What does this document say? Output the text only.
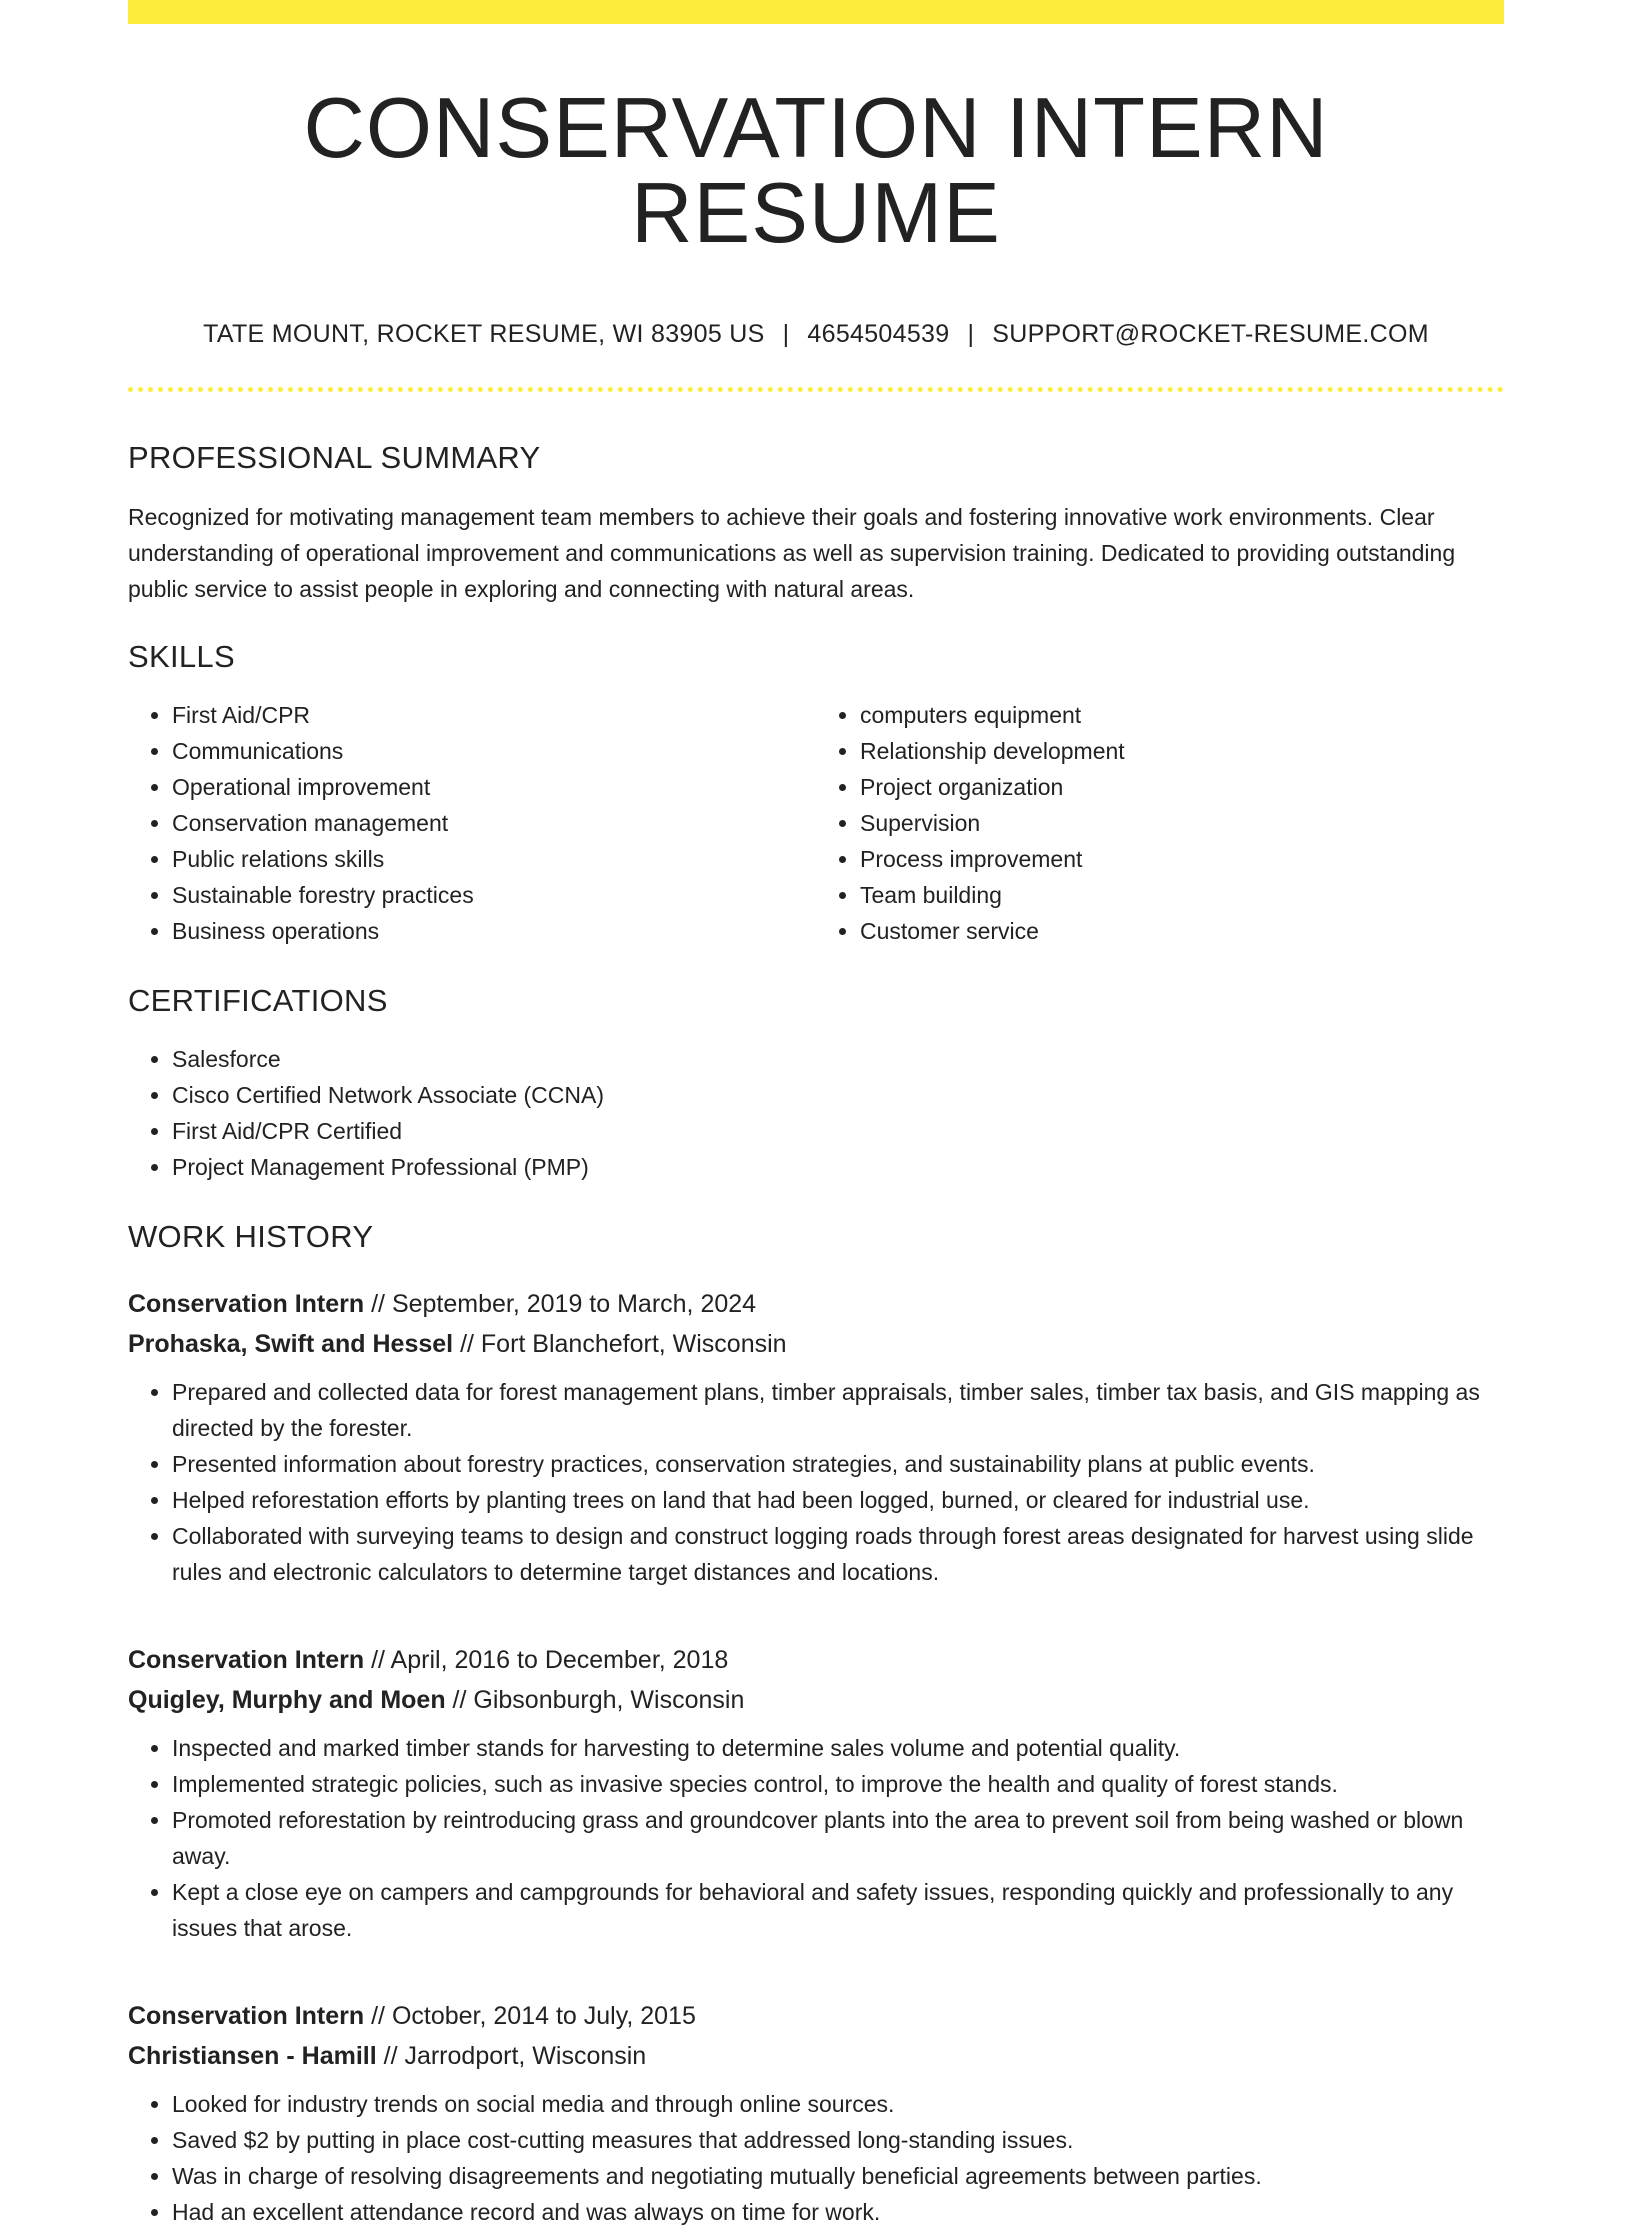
CONSERVATION INTERN RESUME
TATE MOUNT, ROCKET RESUME, WI 83905 US | 4654504539 | SUPPORT@ROCKET-RESUME.COM
PROFESSIONAL SUMMARY

Recognized for motivating management team members to achieve their goals and fostering innovative work environments. Clear understanding of operational improvement and communications as well as supervision training. Dedicated to providing outstanding public service to assist people in exploring and connecting with natural areas.

SKILLS
• First Aid/CPR
• Communications
• Operational improvement
• Conservation management
• Public relations skills
• Sustainable forestry practices
• Business operations
• computers equipment
• Relationship development
• Project organization
• Supervision
• Process improvement
• Team building
• Customer service
CERTIFICATIONS
• Salesforce
• Cisco Certified Network Associate (CCNA)
• First Aid/CPR Certified
• Project Management Professional (PMP)
WORK HISTORY
Conservation Intern // September, 2019 to March, 2024
Prohaska, Swift and Hessel // Fort Blanchefort, Wisconsin
• Prepared and collected data for forest management plans, timber appraisals, timber sales, timber tax basis, and GIS mapping as directed by the forester.
• Presented information about forestry practices, conservation strategies, and sustainability plans at public events.
• Helped reforestation efforts by planting trees on land that had been logged, burned, or cleared for industrial use.
• Collaborated with surveying teams to design and construct logging roads through forest areas designated for harvest using slide rules and electronic calculators to determine target distances and locations.
Conservation Intern // April, 2016 to December, 2018
Quigley, Murphy and Moen // Gibsonburgh, Wisconsin
• Inspected and marked timber stands for harvesting to determine sales volume and potential quality.
• Implemented strategic policies, such as invasive species control, to improve the health and quality of forest stands.
• Promoted reforestation by reintroducing grass and groundcover plants into the area to prevent soil from being washed or blown away.
• Kept a close eye on campers and campgrounds for behavioral and safety issues, responding quickly and professionally to any issues that arose.
Conservation Intern // October, 2014 to July, 2015
Christiansen - Hamill // Jarrodport, Wisconsin
• Looked for industry trends on social media and through online sources.
• Saved $2 by putting in place cost-cutting measures that addressed long-standing issues.
• Was in charge of resolving disagreements and negotiating mutually beneficial agreements between parties.
• Had an excellent attendance record and was always on time for work.
